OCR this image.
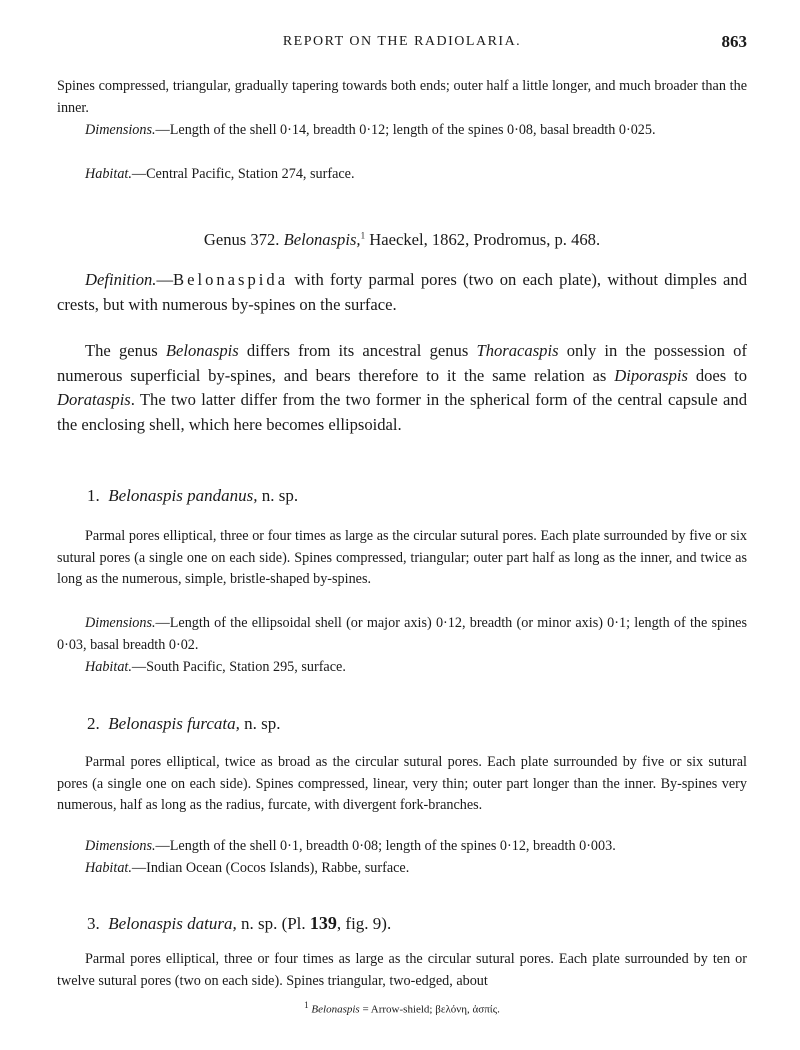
REPORT ON THE RADIOLARIA.	863
Spines compressed, triangular, gradually tapering towards both ends; outer half a little longer, and much broader than the inner.
Dimensions.—Length of the shell 0·14, breadth 0·12; length of the spines 0·08, basal breadth 0·025.
Habitat.—Central Pacific, Station 274, surface.
Genus 372. Belonaspis,$^1$ Haeckel, 1862, Prodromus, p. 468.
Definition.—Belonaspida with forty parmal pores (two on each plate), without dimples and crests, but with numerous by-spines on the surface.
The genus Belonaspis differs from its ancestral genus Thoracaspis only in the possession of numerous superficial by-spines, and bears therefore to it the same relation as Diporaspis does to Dorataspis. The two latter differ from the two former in the spherical form of the central capsule and the enclosing shell, which here becomes ellipsoidal.
1. Belonaspis pandanus, n. sp.
Parmal pores elliptical, three or four times as large as the circular sutural pores. Each plate surrounded by five or six sutural pores (a single one on each side). Spines compressed, triangular; outer part half as long as the inner, and twice as long as the numerous, simple, bristle-shaped by-spines.
Dimensions.—Length of the ellipsoidal shell (or major axis) 0·12, breadth (or minor axis) 0·1; length of the spines 0·03, basal breadth 0·02.
Habitat.—South Pacific, Station 295, surface.
2. Belonaspis furcata, n. sp.
Parmal pores elliptical, twice as broad as the circular sutural pores. Each plate surrounded by five or six sutural pores (a single one on each side). Spines compressed, linear, very thin; outer part longer than the inner. By-spines very numerous, half as long as the radius, furcate, with divergent fork-branches.
Dimensions.—Length of the shell 0·1, breadth 0·08; length of the spines 0·12, breadth 0·003.
Habitat.—Indian Ocean (Cocos Islands), Rabbe, surface.
3. Belonaspis datura, n. sp. (Pl. 139, fig. 9).
Parmal pores elliptical, three or four times as large as the circular sutural pores. Each plate surrounded by ten or twelve sutural pores (two on each side). Spines triangular, two-edged, about
$^1$ Belonaspis = Arrow-shield; βελόνη, ἀσπίς.
